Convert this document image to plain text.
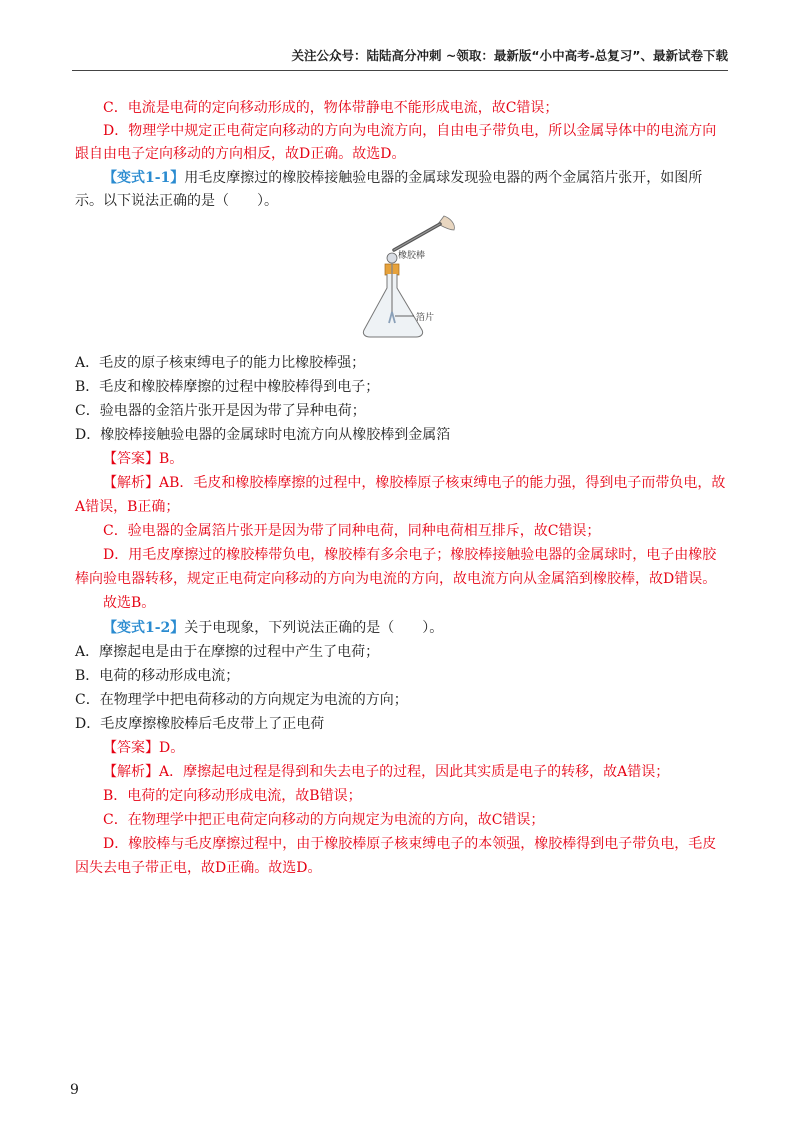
关注公众号：陆陆高分冲刺 ~领取：最新版“小中高考-总复习”、最新试卷下载
C．电流是电荷的定向移动形成的，物体带静电不能形成电流，故C错误；
D．物理学中规定正电荷定向移动的方向为电流方向，自由电子带负电，所以金属导体中的电流方向
跟自由电子定向移动的方向相反，故D正确。故选D。
【变式1-1】用毛皮摩擦过的橡胶棒接触验电器的金属球发现验电器的两个金属箔片张开，如图所
示。以下说法正确的是（　　）。
橡胶棒
箔片
A．毛皮的原子核束缚电子的能力比橡胶棒强；
B．毛皮和橡胶棒摩擦的过程中橡胶棒得到电子；
C．验电器的金箔片张开是因为带了异种电荷；
D．橡胶棒接触验电器的金属球时电流方向从橡胶棒到金属箔
【答案】B。
【解析】AB．毛皮和橡胶棒摩擦的过程中，橡胶棒原子核束缚电子的能力强，得到电子而带负电，故
A错误，B正确；
C．验电器的金属箔片张开是因为带了同种电荷，同种电荷相互排斥，故C错误；
D．用毛皮摩擦过的橡胶棒带负电，橡胶棒有多余电子；橡胶棒接触验电器的金属球时，电子由橡胶
棒向验电器转移，规定正电荷定向移动的方向为电流的方向，故电流方向从金属箔到橡胶棒，故D错误。
故选B。
【变式1-2】关于电现象，下列说法正确的是（　　）。
A．摩擦起电是由于在摩擦的过程中产生了电荷；
B．电荷的移动形成电流；
C．在物理学中把电荷移动的方向规定为电流的方向；
D．毛皮摩擦橡胶棒后毛皮带上了正电荷
【答案】D。
【解析】A．摩擦起电过程是得到和失去电子的过程，因此其实质是电子的转移，故A错误；
B．电荷的定向移动形成电流，故B错误；
C．在物理学中把正电荷定向移动的方向规定为电流的方向，故C错误；
D．橡胶棒与毛皮摩擦过程中，由于橡胶棒原子核束缚电子的本领强，橡胶棒得到电子带负电，毛皮
因失去电子带正电，故D正确。故选D。
9
